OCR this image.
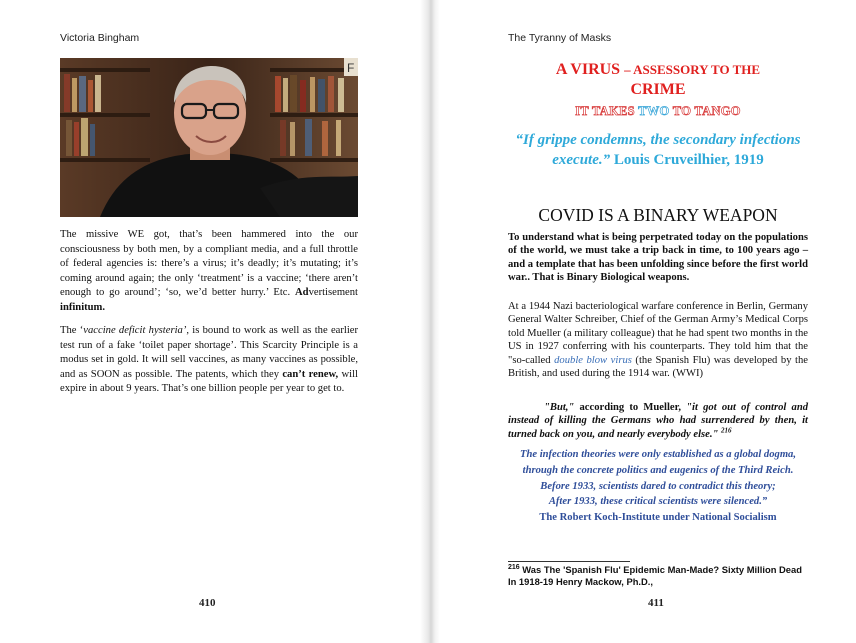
Victoria Bingham
F

The missive WE got, that’s been hammered into the our consciousness by both men, by a compliant media, and a full throttle of federal agencies is: there’s a virus; it’s deadly; it’s mutating; it’s coming around again; the only ‘treatment’ is a vaccine; ‘there aren’t enough to go around’; ‘so, we’d better hurry.’ Etc. Advertisement infinitum.

The ‘vaccine deficit hysteria’, is bound to work as well as the earlier test run of a fake ‘toilet paper shortage’. This Scarcity Principle is a modus set in gold. It will sell vaccines, as many vaccines as possible, and as SOON as possible. The patents, which they can’t renew, will expire in about 9 years. That’s one billion people per year to get to.

410
The Tyranny of Masks
A VIRUS – ASSESSORY TO THE
CRIME
IT TAKES TWO TO TANGO
“If grippe condemns, the secondary infections execute.” Louis Cruveilhier, 1919
COVID IS A BINARY WEAPON
To understand what is being perpetrated today on the populations of the world, we must take a trip back in time, to 100 years ago – and a template that has been unfolding since before the first world war.. That is Binary Biological weapons.
At a 1944 Nazi bacteriological warfare conference in Berlin, Germany General Walter Schreiber, Chief of the German Army’s Medical Corps told Mueller (a military colleague) that he had spent two months in the US in 1927 conferring with his counterparts. They told him that the "so-called double blow virus (the Spanish Flu) was developed by the British, and used during the 1914 war. (WWI)
"But," according to Mueller, "it got out of control and instead of killing the Germans who had surrendered by then, it turned back on you, and nearly everybody else." $^{216}$
The infection theories were only established as a global dogma,
through the concrete politics and eugenics of the Third Reich.
Before 1933, scientists dared to contradict this theory;
After 1933, these critical scientists were silenced.”
The Robert Koch-Institute under National Socialism
$^{216}$ Was The 'Spanish Flu' Epidemic Man-Made? Sixty Million Dead In 1918-19 Henry Mackow, Ph.D.,
411
